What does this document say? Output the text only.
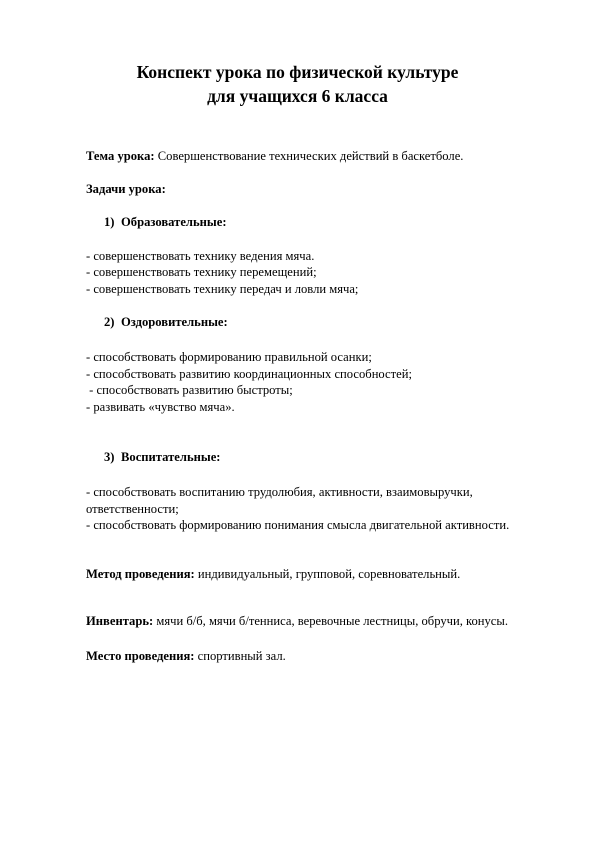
Конспект урока по физической культуре
для учащихся 6 класса
Тема урока: Совершенствование технических действий в баскетболе.
Задачи урока:
1) Образовательные:
- совершенствовать технику ведения мяча.
- совершенствовать технику перемещений;
- совершенствовать технику передач и ловли мяча;
2) Оздоровительные:
- способствовать формированию правильной осанки;
- способствовать развитию координационных способностей;
- способствовать развитию быстроты;
- развивать «чувство мяча».
3) Воспитательные:
- способствовать воспитанию трудолюбия, активности, взаимовыручки,
ответственности;
- способствовать формированию понимания смысла двигательной активности.
Метод проведения: индивидуальный, групповой, соревновательный.
Инвентарь: мячи б/б, мячи б/тенниса, веревочные лестницы, обручи, конусы.
Место проведения: спортивный зал.
